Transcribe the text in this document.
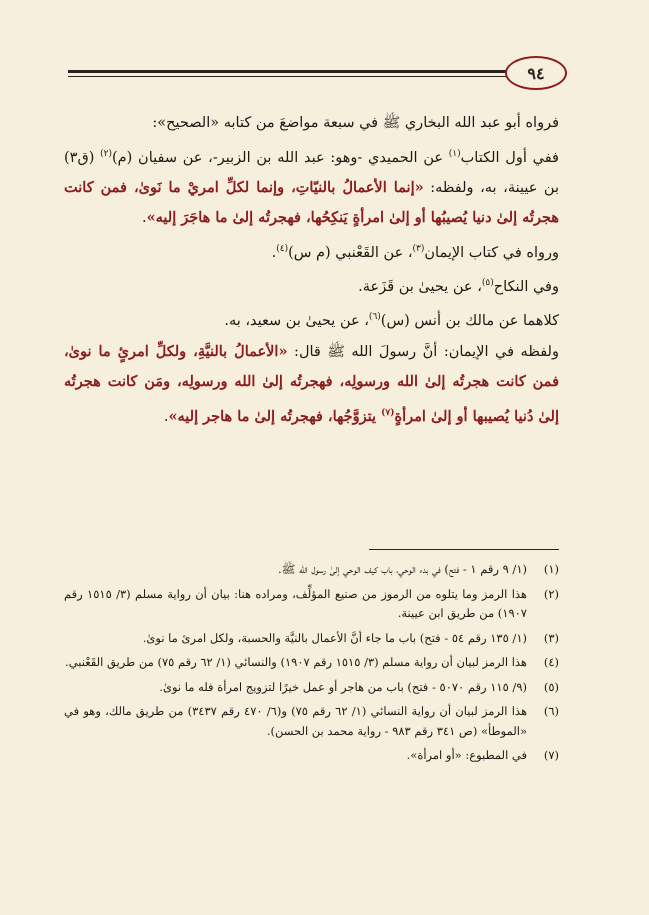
٩٤

فرواه أبو عبد الله البخاري ﷺ في سبعة مواضعَ من كتابه «الصحيح»:

ففي أول الكتاب$^{(١)}$ عن الحميدي -وهو: عبد الله بن الزبير-، عن سفيان (م)$^{(٢)}$ (ق٣) بن عيينة، به، ولفظه: «إنما الأعمالُ بالنيّاتِ، وإنما لكلِّ امريْ ما نَوىٰ، فمن كانت هجرتُه إلىٰ دنيا يُصيبُها أو إلىٰ امرأةٍ يَنكِحُها، فهجرتُه إلىٰ ما هاجَرَ إليه».

ورواه في كتاب الإيمان$^{(٣)}$، عن القَعْنبي (م س)$^{(٤)}$.

وفي النكاح$^{(٥)}$، عن يحيىٰ بن قَزَعة.

كلاهما عن مالك بن أنس (س)$^{(٦)}$، عن يحيىٰ بن سعيد، به.

ولفظه في الإيمان: أنَّ رسولَ الله ﷺ قال: «الأعمالُ بالنيَّةِ، ولكلِّ امرئٍ ما نوىٰ، فمن كانت هجرتُه إلىٰ الله ورسولِه، فهجرتُه إلىٰ الله ورسولِه، ومَن كانت هجرتُه إلىٰ دُنيا يُصيبها أو إلىٰ امرأةٍ$^{(٧)}$ يتزوَّجُها، فهجرتُه إلىٰ ما هاجر إليه».

(١)
(١/ ٩ رقم ١ - فتح) في بدء الوحي، باب كيف الوحي إلىٰ رسول الله ﷺ.
(٢)
هذا الرمز وما يتلوه من الرموز من صنيع المؤلِّف، ومراده هنا: بيان أن رواية مسلم (٣/ ١٥١٥ رقم ١٩٠٧) من طريق ابن عيينة.
(٣)
(١/ ١٣٥ رقم ٥٤ - فتح) باب ما جاء أنَّ الأعمال بالنيَّة والحسبة، ولكل امرئ ما نوىٰ.
(٤)
هذا الرمز لبيان أن رواية مسلم (٣/ ١٥١٥ رقم ١٩٠٧) والنسائي (١/ ٦٢ رقم ٧٥) من طريق القَعْنبي.
(٥)
(٩/ ١١٥ رقم ٥٠٧٠ - فتح) باب من هاجر أو عمل خيرًا لتزويج امرأة فله ما نوىٰ.
(٦)
هذا الرمز لبيان أن رواية النسائي (١/ ٦٢ رقم ٧٥) و(٦/ ٤٧٠ رقم ٣٤٣٧) من طريق مالك، وهو في «الموطأ» (ص ٣٤١ رقم ٩٨٣ - رواية محمد بن الحسن).
(٧)
في المطبوع: «أو امرأة».
